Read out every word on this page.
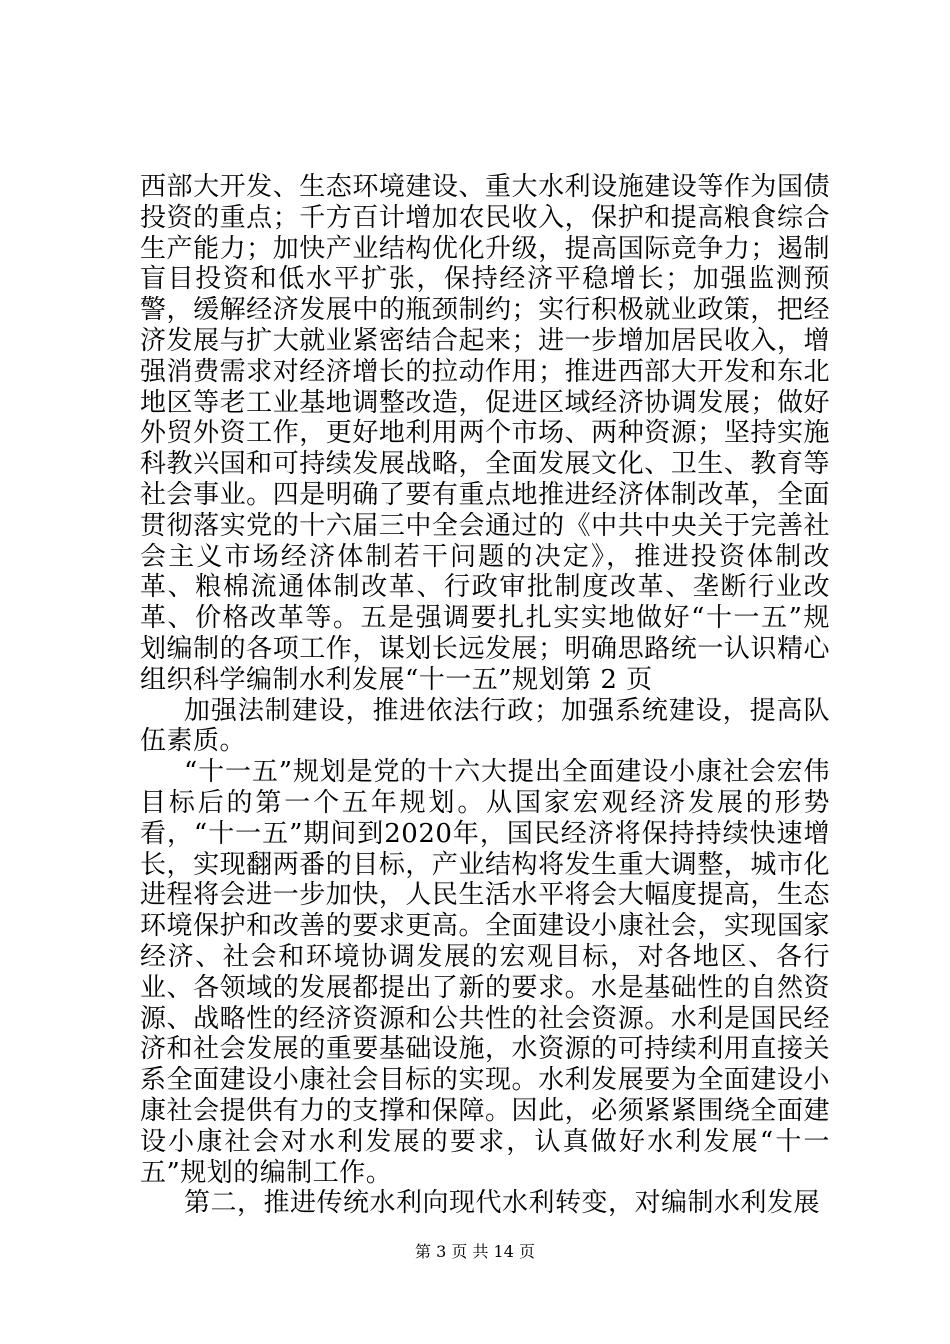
西部大开发、生态环境建设、重大水利设施建设等作为国债投资的重点；千方百计增加农民收入，保护和提高粮食综合生产能力；加快产业结构优化升级，提高国际竞争力；遏制盲目投资和低水平扩张，保持经济平稳增长；加强监测预警，缓解经济发展中的瓶颈制约；实行积极就业政策，把经济发展与扩大就业紧密结合起来；进一步增加居民收入，增强消费需求对经济增长的拉动作用；推进西部大开发和东北地区等老工业基地调整改造，促进区域经济协调发展；做好外贸外资工作，更好地利用两个市场、两种资源；坚持实施科教兴国和可持续发展战略，全面发展文化、卫生、教育等社会事业。四是明确了要有重点地推进经济体制改革，全面贯彻落实党的十六届三中全会通过的《中共中央关于完善社会主义市场经济体制若干问题的决定》，推进投资体制改革、粮棉流通体制改革、行政审批制度改革、垄断行业改革、价格改革等。五是强调要扎扎实实地做好“十一五”规划编制的各项工作，谋划长远发展；明确思路统一认识精心组织科学编制水利发展“十一五”规划第 2 页

加强法制建设，推进依法行政；加强系统建设，提高队伍素质。

“十一五”规划是党的十六大提出全面建设小康社会宏伟目标后的第一个五年规划。从国家宏观经济发展的形势看，“十一五”期间到2020年，国民经济将保持持续快速增长，实现翻两番的目标，产业结构将发生重大调整，城市化进程将会进一步加快，人民生活水平将会大幅度提高，生态环境保护和改善的要求更高。全面建设小康社会，实现国家经济、社会和环境协调发展的宏观目标，对各地区、各行业、各领域的发展都提出了新的要求。水是基础性的自然资源、战略性的经济资源和公共性的社会资源。水利是国民经济和社会发展的重要基础设施，水资源的可持续利用直接关系全面建设小康社会目标的实现。水利发展要为全面建设小康社会提供有力的支撑和保障。因此，必须紧紧围绕全面建设小康社会对水利发展的要求，认真做好水利发展“十一五”规划的编制工作。

第二，推进传统水利向现代水利转变，对编制水利发展

第 3 页 共 14 页
